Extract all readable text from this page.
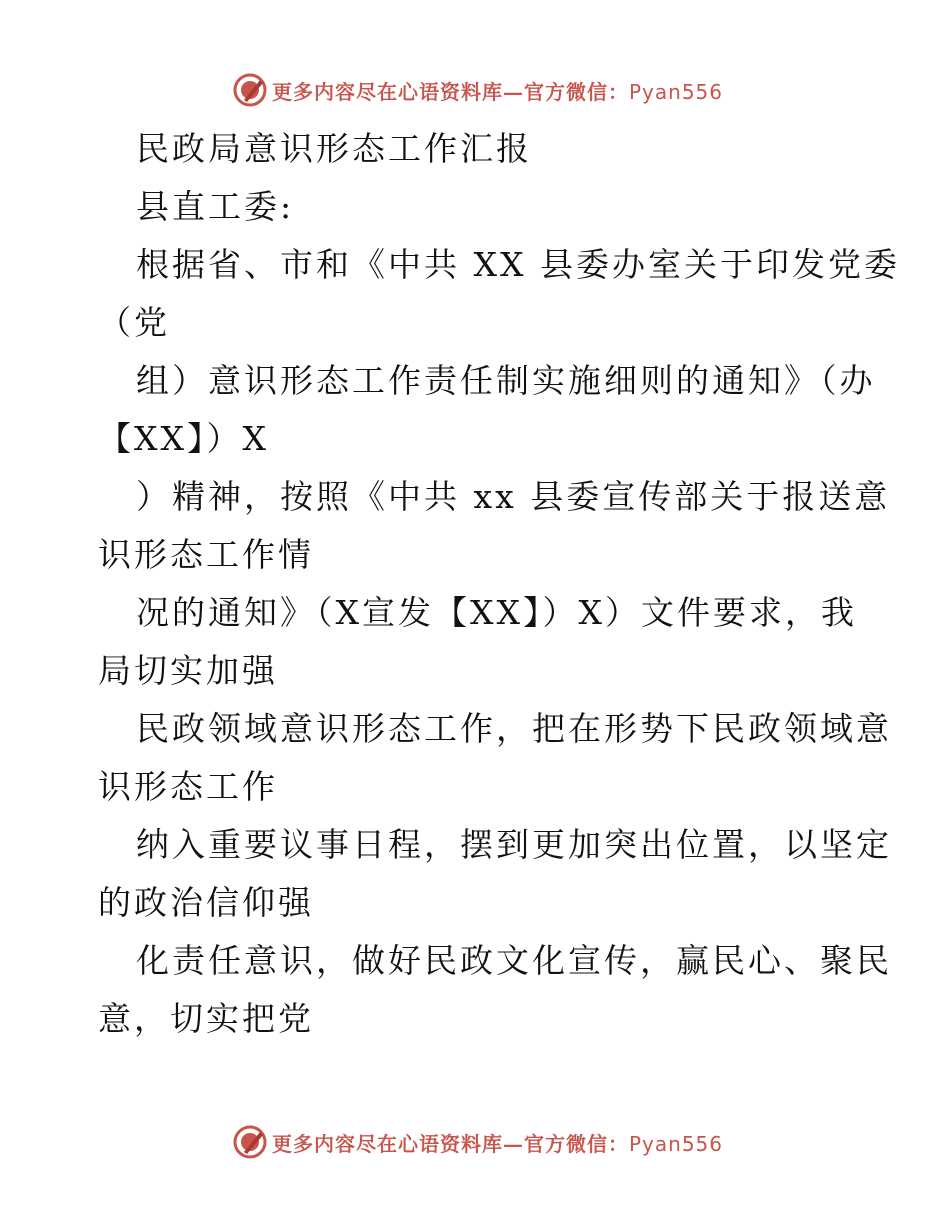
更多内容尽在心语资料库—官方微信：Pyan556
民政局意识形态工作汇报
县直工委:
根据省、市和《中共 XX 县委办室关于印发党委
（党
组）意识形态工作责任制实施细则的通知》（办
【XX】）X
）精神，按照《中共 xx 县委宣传部关于报送意
识形态工作情
况的通知》（X宣发【XX】）X）文件要求，我
局切实加强
民政领域意识形态工作，把在形势下民政领域意
识形态工作
纳入重要议事日程，摆到更加突出位置，以坚定
的政治信仰强
化责任意识，做好民政文化宣传，赢民心、聚民
意，切实把党
更多内容尽在心语资料库—官方微信：Pyan556
